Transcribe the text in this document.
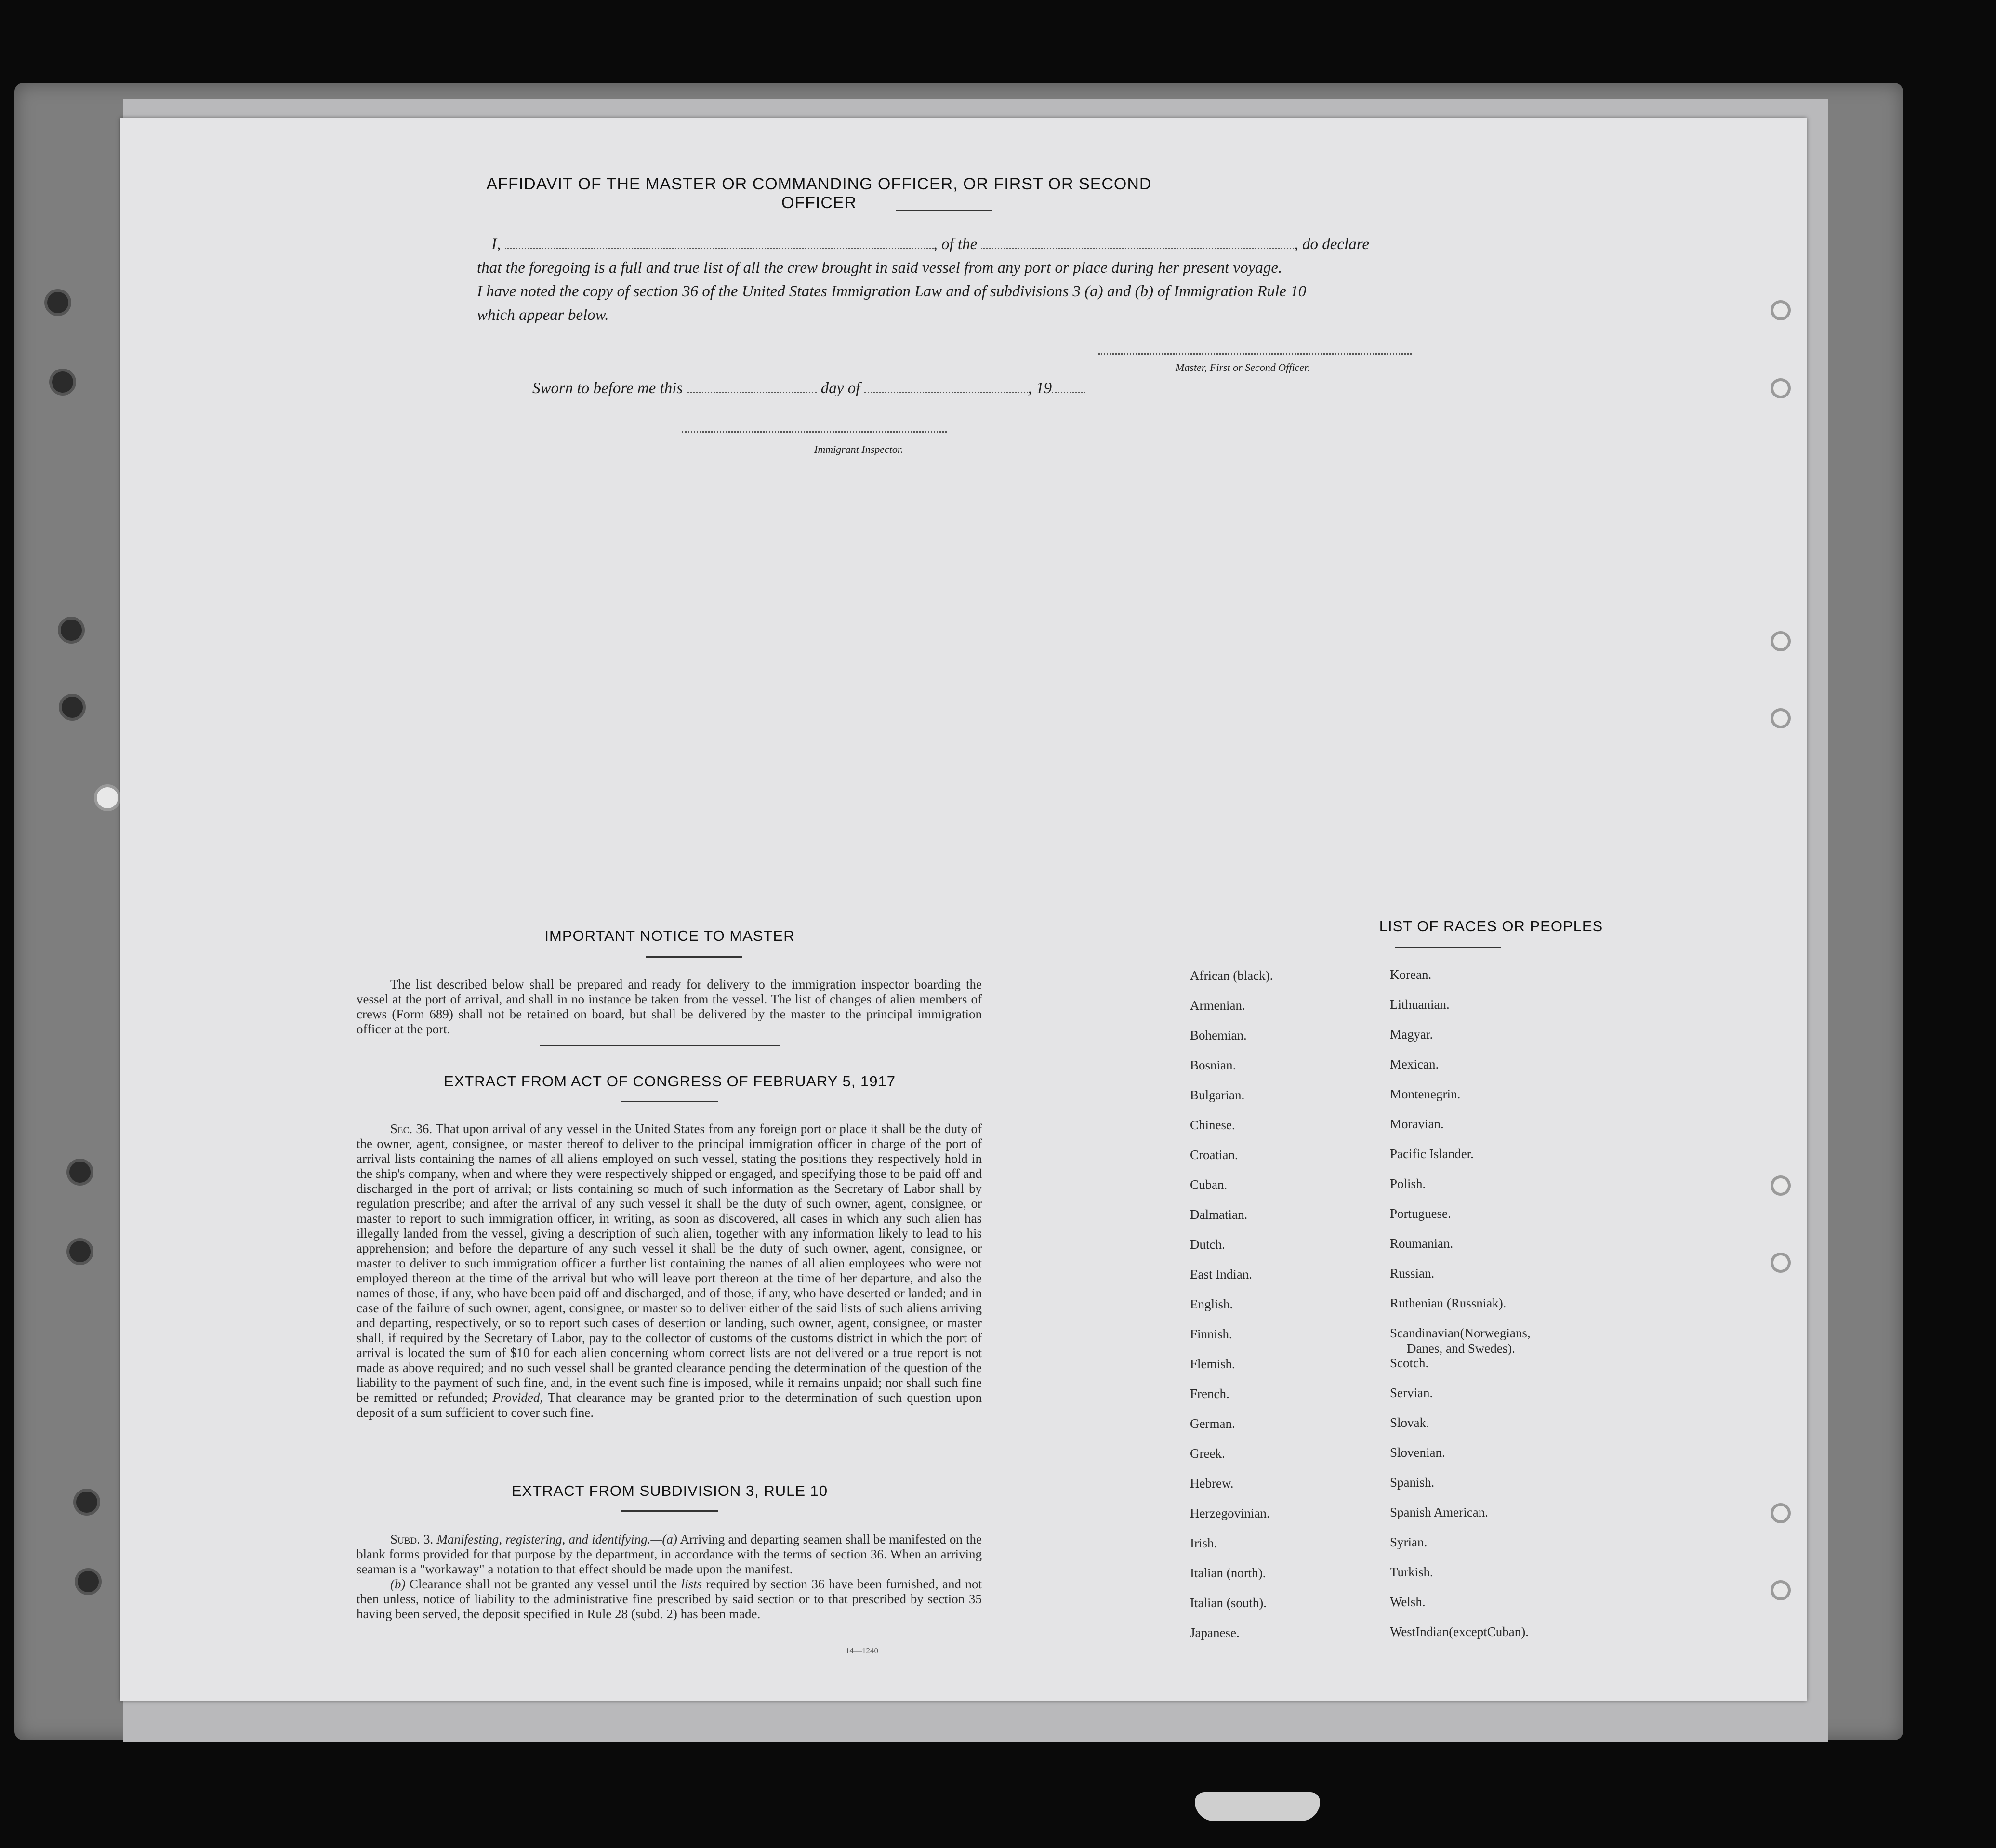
AFFIDAVIT OF THE MASTER OR COMMANDING OFFICER, OR FIRST OR SECOND OFFICER
I,	, of the	, do declare
that the foregoing is a full and true list of all the crew brought in said vessel from any port or place during her present voyage.
I have noted the copy of section 36 of the United States Immigration Law and of subdivisions 3 (a) and (b) of Immigration Rule 10
which appear below.
Master, First or Second Officer.
Sworn to before me this	day of	, 19
Immigrant Inspector.
IMPORTANT NOTICE TO MASTER
The list described below shall be prepared and ready for delivery to the immigration inspector boarding the vessel at the port of arrival, and shall in no instance be taken from the vessel. The list of changes of alien members of crews (Form 689) shall not be retained on board, but shall be delivered by the master to the principal immigration officer at the port.
EXTRACT FROM ACT OF CONGRESS OF FEBRUARY 5, 1917
Sec. 36. That upon arrival of any vessel in the United States from any foreign port or place it shall be the duty of the owner, agent, consignee, or master thereof to deliver to the principal immigration officer in charge of the port of arrival lists containing the names of all aliens employed on such vessel, stating the positions they respectively hold in the ship's company, when and where they were respectively shipped or engaged, and specifying those to be paid off and discharged in the port of arrival; or lists containing so much of such information as the Secretary of Labor shall by regulation prescribe; and after the arrival of any such vessel it shall be the duty of such owner, agent, consignee, or master to report to such immigration officer, in writing, as soon as discovered, all cases in which any such alien has illegally landed from the vessel, giving a description of such alien, together with any information likely to lead to his apprehension; and before the departure of any such vessel it shall be the duty of such owner, agent, consignee, or master to deliver to such immigration officer a further list containing the names of all alien employees who were not employed thereon at the time of the arrival but who will leave port thereon at the time of her departure, and also the names of those, if any, who have been paid off and discharged, and of those, if any, who have deserted or landed; and in case of the failure of such owner, agent, consignee, or master so to deliver either of the said lists of such aliens arriving and departing, respectively, or so to report such cases of desertion or landing, such owner, agent, consignee, or master shall, if required by the Secretary of Labor, pay to the collector of customs of the customs district in which the port of arrival is located the sum of $10 for each alien concerning whom correct lists are not delivered or a true report is not made as above required; and no such vessel shall be granted clearance pending the determination of the question of the liability to the payment of such fine, and, in the event such fine is imposed, while it remains unpaid; nor shall such fine be remitted or refunded; Provided, That clearance may be granted prior to the determination of such question upon deposit of a sum sufficient to cover such fine.
EXTRACT FROM SUBDIVISION 3, RULE 10
Subd. 3. Manifesting, registering, and identifying.—(a) Arriving and departing seamen shall be manifested on the blank forms provided for that purpose by the department, in accordance with the terms of section 36. When an arriving seaman is a "workaway" a notation to that effect should be made upon the manifest.
(b) Clearance shall not be granted any vessel until the lists required by section 36 have been furnished, and not then unless, notice of liability to the administrative fine prescribed by said section or to that prescribed by section 35 having been served, the deposit specified in Rule 28 (subd. 2) has been made.
14—1240
LIST OF RACES OR PEOPLES
African (black).
Armenian.
Bohemian.
Bosnian.
Bulgarian.
Chinese.
Croatian.
Cuban.
Dalmatian.
Dutch.
East Indian.
English.
Finnish.
Flemish.
French.
German.
Greek.
Hebrew.
Herzegovinian.
Irish.
Italian (north).
Italian (south).
Japanese.
Korean.
Lithuanian.
Magyar.
Mexican.
Montenegrin.
Moravian.
Pacific Islander.
Polish.
Portuguese.
Roumanian.
Russian.
Ruthenian (Russniak).
Scandinavian(Norwegians,
Danes, and Swedes).
Scotch.
Servian.
Slovak.
Slovenian.
Spanish.
Spanish American.
Syrian.
Turkish.
Welsh.
WestIndian(exceptCuban).
